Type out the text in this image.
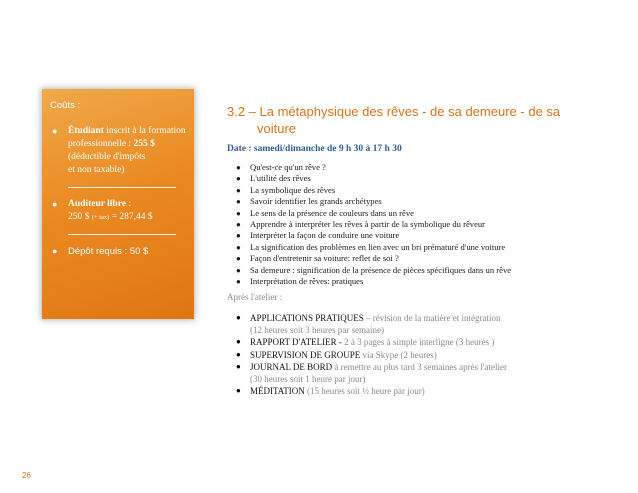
Coûts :
● Étudiant inscrit à la formation
professionnelle : 255 $
(déductible d'impôts
et non taxable)
● Auditeur libre :
250 $ (+ tax) = 287,44 $
● Dépôt requis : 50 $
3.2 – La métaphysique des rêves - de sa demeure - de sa
voiture
Date : samedi/dimanche de 9 h 30 à 17 h 30
● Qu'est-ce qu'un rêve ?
● L'utilité des rêves
● La symbolique des rêves
● Savoir identifier les grands archétypes
● Le sens de la présence de couleurs dans un rêve
● Apprendre à interpréter les rêves à partir de la symbolique du rêveur
● Interpréter la façon de conduire une voiture
● La signification des problèmes en lien avec un bri prématuré d'une voiture
● Façon d'entretenir sa voiture: reflet de soi ?
● Sa demeure : signification de la présence de pièces spécifiques dans un rêve
● Interprétation de rêves: pratiques
Après l'atelier :
● APPLICATIONS PRATIQUES – révision de la matière et intégration
(12 heures soit 3 heures par semaine)
● RAPPORT D'ATELIER - 2 à 3 pages à simple interligne (3 heures )
● SUPERVISION DE GROUPE via Skype (2 heures)
● JOURNAL DE BORD à remettre au plus tard 3 semaines après l'atelier
(30 heures soit 1 heure par jour)
● MÉDITATION (15 heures soit ½ heure par jour)
26
